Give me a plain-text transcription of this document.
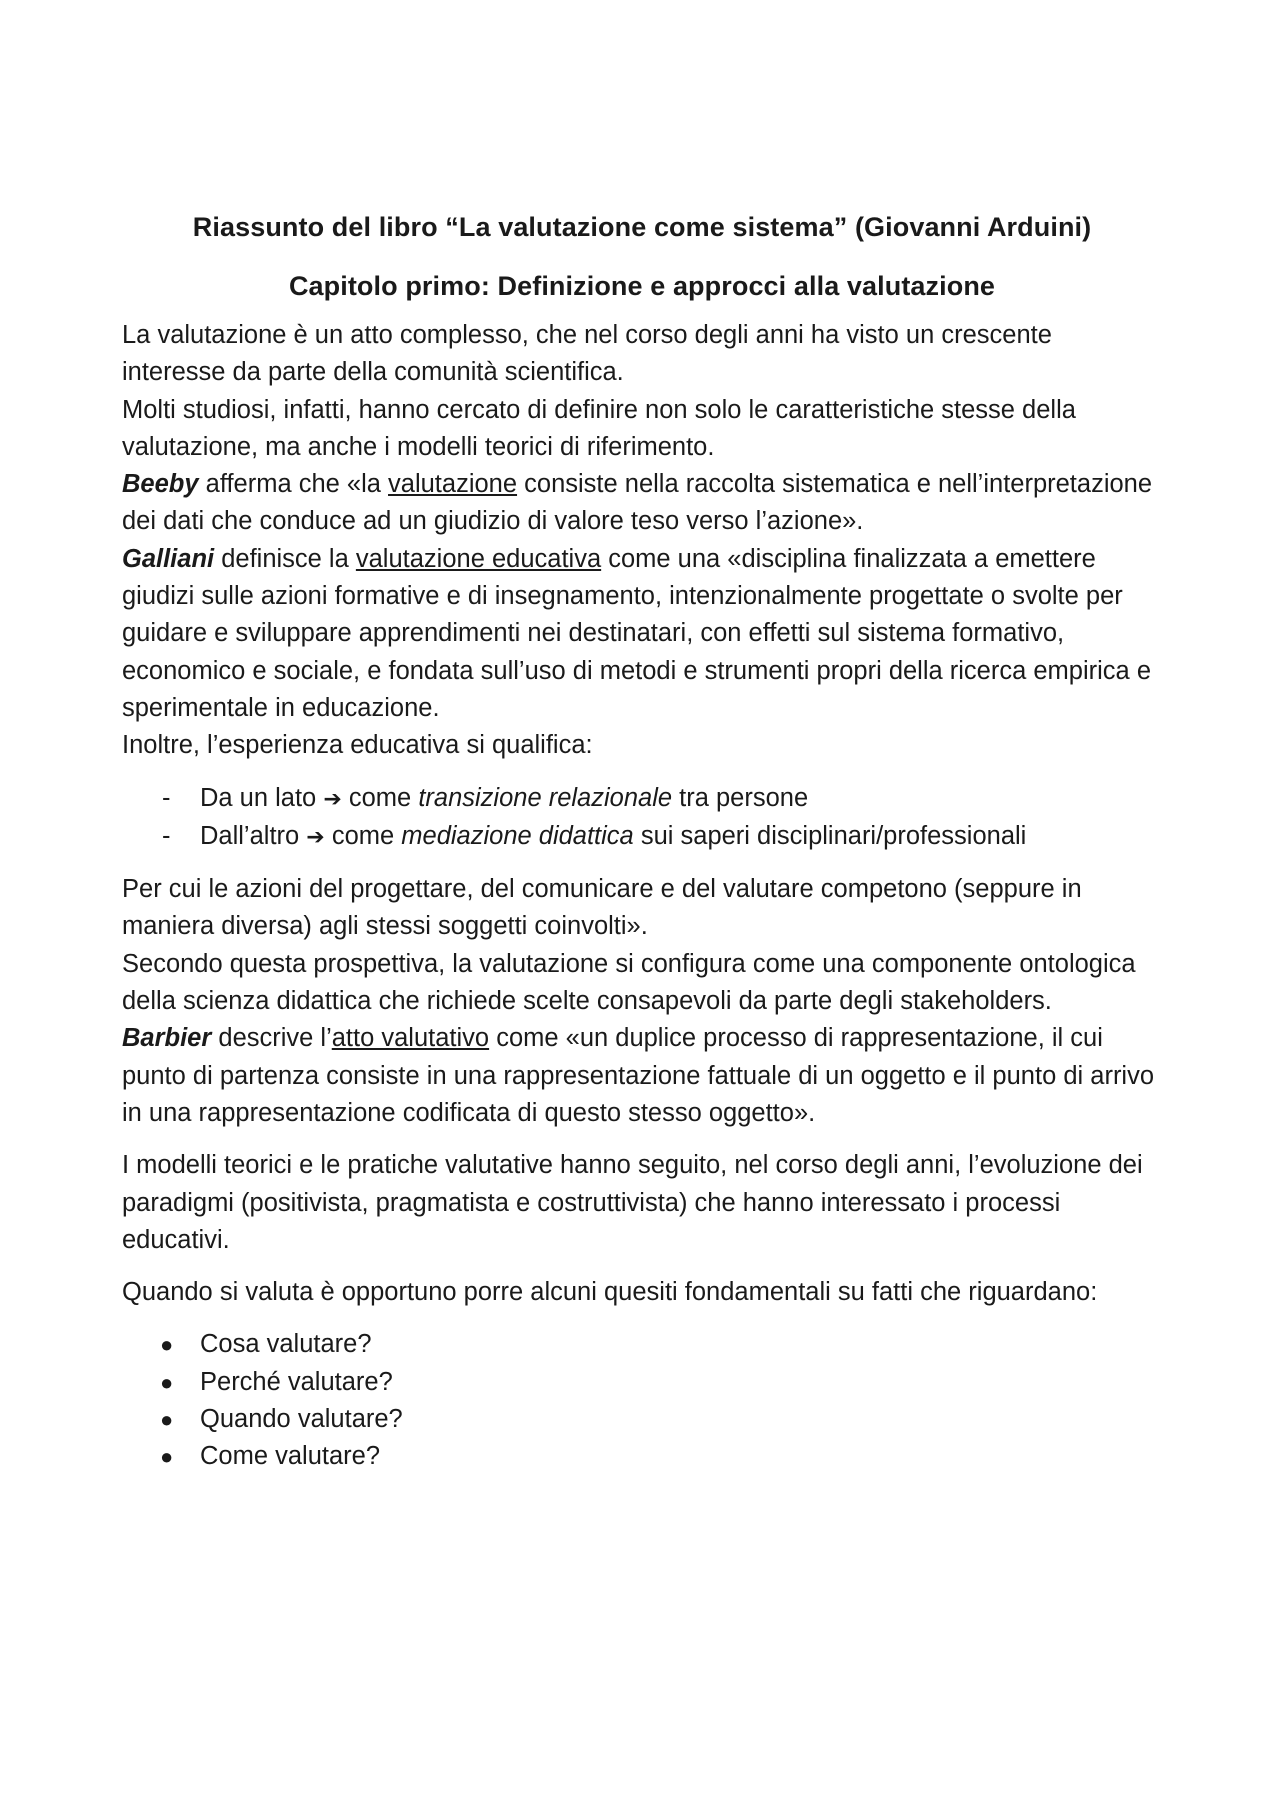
Riassunto del libro “La valutazione come sistema” (Giovanni Arduini)
Capitolo primo: Definizione e approcci alla valutazione

La valutazione è un atto complesso, che nel corso degli anni ha visto un crescente interesse da parte della comunità scientifica.

Molti studiosi, infatti, hanno cercato di definire non solo le caratteristiche stesse della valutazione, ma anche i modelli teorici di riferimento.

Beeby afferma che «la valutazione consiste nella raccolta sistematica e nell’interpretazione dei dati che conduce ad un giudizio di valore teso verso l’azione».

Galliani definisce la valutazione educativa come una «disciplina finalizzata a emettere giudizi sulle azioni formative e di insegnamento, intenzionalmente progettate o svolte per guidare e sviluppare apprendimenti nei destinatari, con effetti sul sistema formativo, economico e sociale, e fondata sull’uso di metodi e strumenti propri della ricerca empirica e sperimentale in educazione.

Inoltre, l’esperienza educativa si qualifica:

- Da un lato ➔ come transizione relazionale tra persone
- Dall’altro ➔ come mediazione didattica sui saperi disciplinari/professionali

Per cui le azioni del progettare, del comunicare e del valutare competono (seppure in maniera diversa) agli stessi soggetti coinvolti».

Secondo questa prospettiva, la valutazione si configura come una componente ontologica della scienza didattica che richiede scelte consapevoli da parte degli stakeholders.

Barbier descrive l’atto valutativo come «un duplice processo di rappresentazione, il cui punto di partenza consiste in una rappresentazione fattuale di un oggetto e il punto di arrivo in una rappresentazione codificata di questo stesso oggetto».

I modelli teorici e le pratiche valutative hanno seguito, nel corso degli anni, l’evoluzione dei paradigmi (positivista, pragmatista e costruttivista) che hanno interessato i processi educativi.

Quando si valuta è opportuno porre alcuni quesiti fondamentali su fatti che riguardano:

● Cosa valutare?
● Perché valutare?
● Quando valutare?
● Come valutare?
